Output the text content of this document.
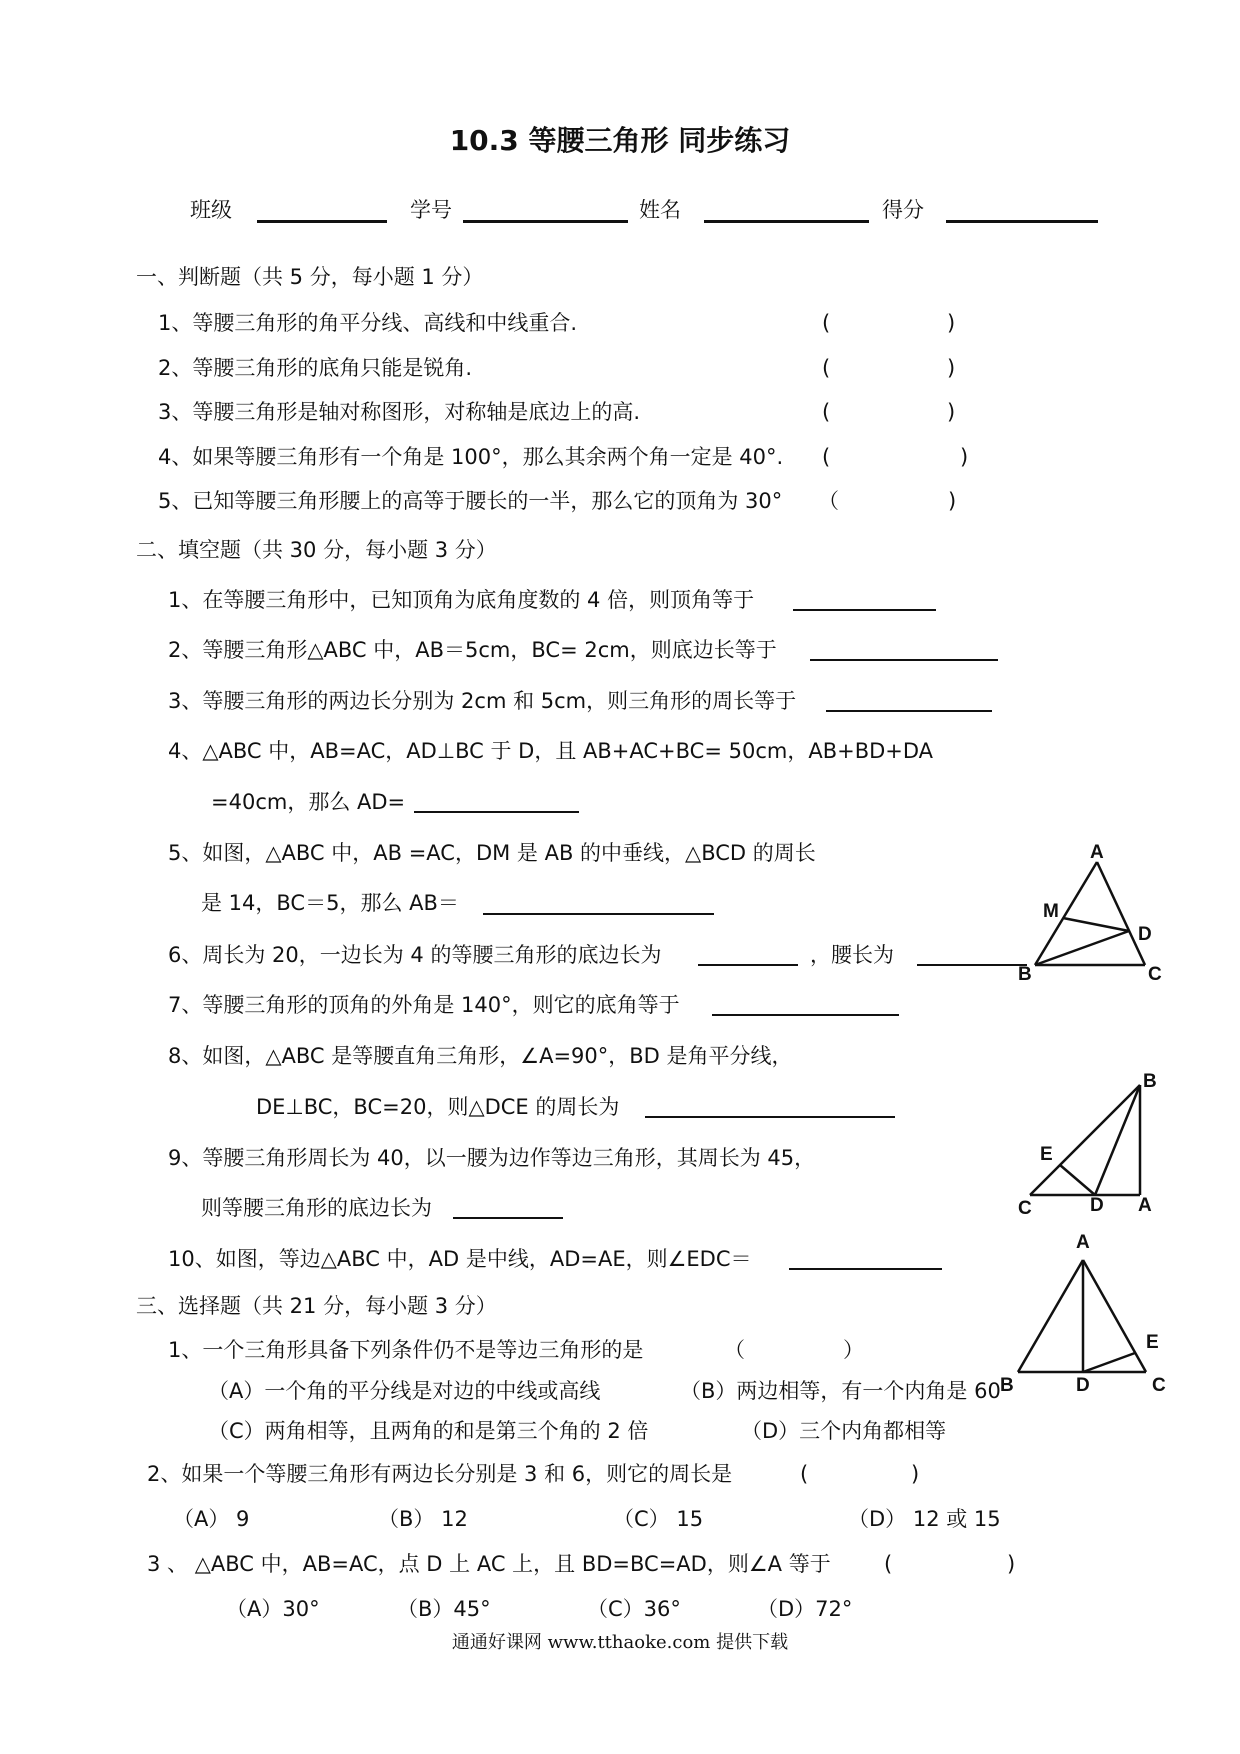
10.3 等腰三角形 同步练习
班级	学号	姓名	得分
一、判断题（共 5 分，每小题 1 分）
1、等腰三角形的角平分线、高线和中线重合.	(	)
2、等腰三角形的底角只能是锐角.	(	)
3、等腰三角形是轴对称图形，对称轴是底边上的高.	(	)
4、如果等腰三角形有一个角是 100°，那么其余两个角一定是 40°. (	)
5、已知等腰三角形腰上的高等于腰长的一半，那么它的顶角为 30° （	)
二、填空题（共 30 分，每小题 3 分）
1、在等腰三角形中，已知顶角为底角度数的 4 倍，则顶角等于
2、等腰三角形△ABC 中，AB＝5cm，BC= 2cm，则底边长等于
3、等腰三角形的两边长分别为 2cm 和 5cm，则三角形的周长等于
4、△ABC 中，AB=AC，AD⊥BC 于 D，且 AB+AC+BC= 50cm，AB+BD+DA
=40cm，那么 AD=
5、如图，△ABC 中，AB =AC，DM 是 AB 的中垂线，△BCD 的周长
是 14，BC＝5，那么 AB＝
6、周长为 20，一边长为 4 的等腰三角形的底边长为	，腰长为
7、等腰三角形的顶角的外角是 140°，则它的底角等于
8、如图，△ABC 是等腰直角三角形，∠A=90°，BD 是角平分线，
DE⊥BC，BC=20，则△DCE 的周长为
9、等腰三角形周长为 40，以一腰为边作等边三角形，其周长为 45，
则等腰三角形的底边长为
10、如图，等边△ABC 中，AD 是中线，AD=AE，则∠EDC＝
三、选择题（共 21 分，每小题 3 分）
1、一个三角形具备下列条件仍不是等边三角形的是	（	）
（A）一个角的平分线是对边的中线或高线	（B）两边相等，有一个内角是 60
（C）两角相等，且两角的和是第三个角的 2 倍	（D）三个内角都相等
2、如果一个等腰三角形有两边长分别是 3 和 6，则它的周长是	(	)
（A） 9	（B） 12	（C） 15	（D） 12 或 15
3 、 △ABC 中，AB=AC，点 D 上 AC 上，且 BD=BC=AD，则∠A 等于	(	)
（A）30°	（B）45°	（C）36°	（D）72°
A
M
D
B	C
B
E
C	D A
A
E
B	D	C
通通好课网 www.tthaoke.com 提供下载
